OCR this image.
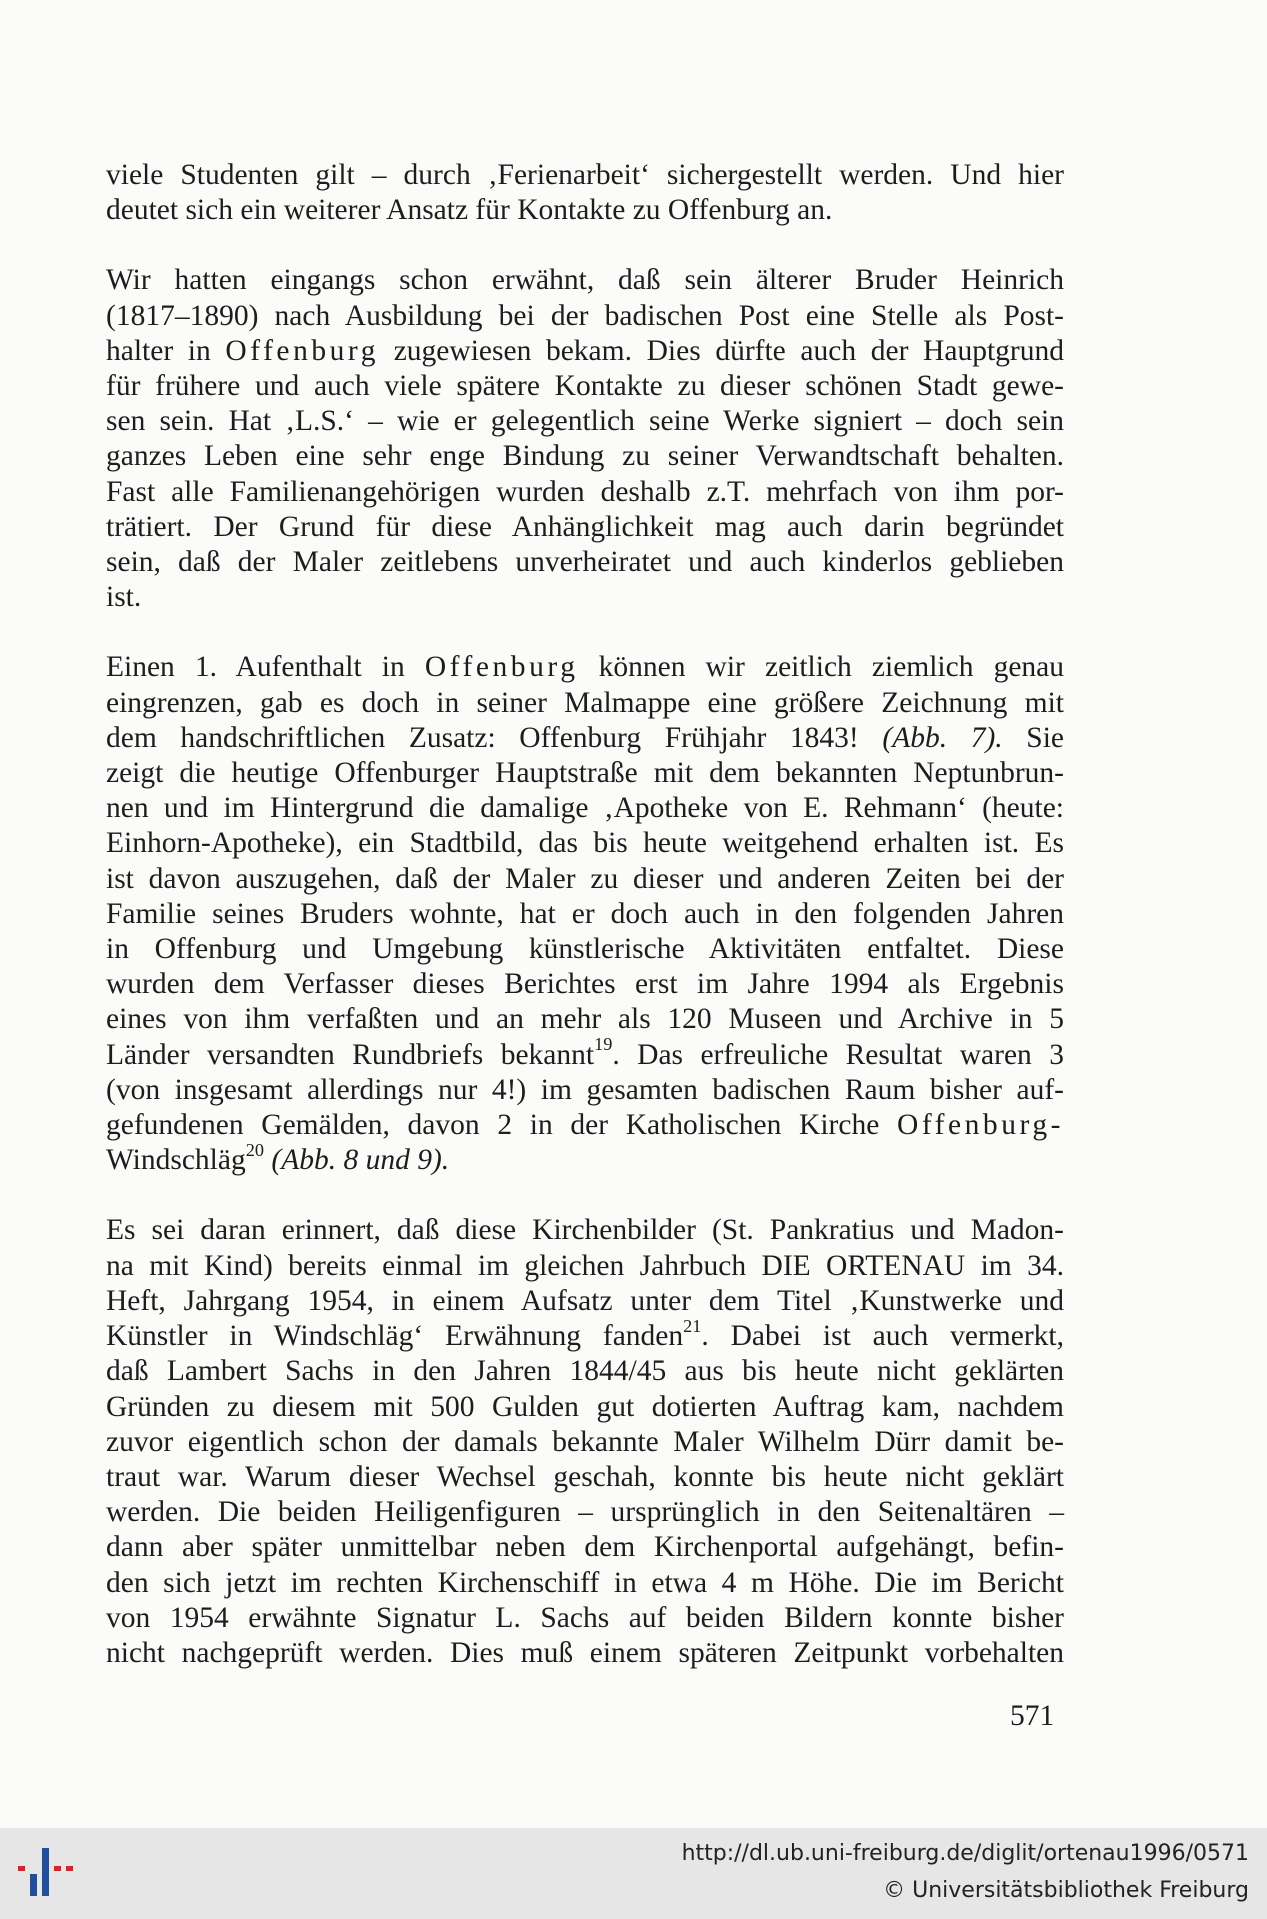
viele Studenten gilt – durch ‚Ferienarbeit‘ sichergestellt werden. Und hier
deutet sich ein weiterer Ansatz für Kontakte zu Offenburg an.
Wir hatten eingangs schon erwähnt, daß sein älterer Bruder Heinrich
(1817–1890) nach Ausbildung bei der badischen Post eine Stelle als Post-
halter in Offenburg zugewiesen bekam. Dies dürfte auch der Hauptgrund
für frühere und auch viele spätere Kontakte zu dieser schönen Stadt gewe-
sen sein. Hat ‚L.S.‘ – wie er gelegentlich seine Werke signiert – doch sein
ganzes Leben eine sehr enge Bindung zu seiner Verwandtschaft behalten.
Fast alle Familienangehörigen wurden deshalb z.T. mehrfach von ihm por-
trätiert. Der Grund für diese Anhänglichkeit mag auch darin begründet
sein, daß der Maler zeitlebens unverheiratet und auch kinderlos geblieben
ist.
Einen 1. Aufenthalt in Offenburg können wir zeitlich ziemlich genau
eingrenzen, gab es doch in seiner Malmappe eine größere Zeichnung mit
dem handschriftlichen Zusatz: Offenburg Frühjahr 1843! (Abb. 7). Sie
zeigt die heutige Offenburger Hauptstraße mit dem bekannten Neptunbrun-
nen und im Hintergrund die damalige ‚Apotheke von E. Rehmann‘ (heute:
Einhorn-Apotheke), ein Stadtbild, das bis heute weitgehend erhalten ist. Es
ist davon auszugehen, daß der Maler zu dieser und anderen Zeiten bei der
Familie seines Bruders wohnte, hat er doch auch in den folgenden Jahren
in Offenburg und Umgebung künstlerische Aktivitäten entfaltet. Diese
wurden dem Verfasser dieses Berichtes erst im Jahre 1994 als Ergebnis
eines von ihm verfaßten und an mehr als 120 Museen und Archive in 5
Länder versandten Rundbriefs bekannt$^{19}$. Das erfreuliche Resultat waren 3
(von insgesamt allerdings nur 4!) im gesamten badischen Raum bisher auf-
gefundenen Gemälden, davon 2 in der Katholischen Kirche Offenburg-
Windschläg$^{20}$ (Abb. 8 und 9).
Es sei daran erinnert, daß diese Kirchenbilder (St. Pankratius und Madon-
na mit Kind) bereits einmal im gleichen Jahrbuch DIE ORTENAU im 34.
Heft, Jahrgang 1954, in einem Aufsatz unter dem Titel ‚Kunstwerke und
Künstler in Windschläg‘ Erwähnung fanden$^{21}$. Dabei ist auch vermerkt,
daß Lambert Sachs in den Jahren 1844/45 aus bis heute nicht geklärten
Gründen zu diesem mit 500 Gulden gut dotierten Auftrag kam, nachdem
zuvor eigentlich schon der damals bekannte Maler Wilhelm Dürr damit be-
traut war. Warum dieser Wechsel geschah, konnte bis heute nicht geklärt
werden. Die beiden Heiligenfiguren – ursprünglich in den Seitenaltären –
dann aber später unmittelbar neben dem Kirchenportal aufgehängt, befin-
den sich jetzt im rechten Kirchenschiff in etwa 4 m Höhe. Die im Bericht
von 1954 erwähnte Signatur L. Sachs auf beiden Bildern konnte bisher
nicht nachgeprüft werden. Dies muß einem späteren Zeitpunkt vorbehalten
571
http://dl.ub.uni-freiburg.de/diglit/ortenau1996/0571
© Universitätsbibliothek Freiburg
